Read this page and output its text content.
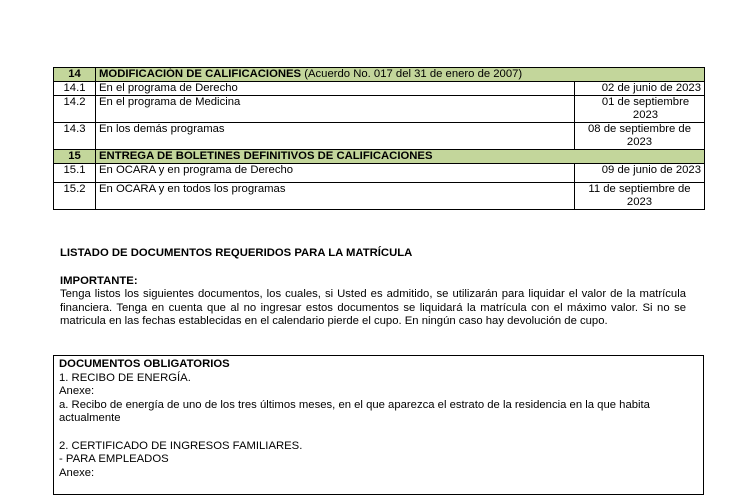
14	MODIFICACIÓN DE CALIFICACIONES (Acuerdo No. 017 del 31 de enero de 2007)	
14.1	En el programa de Derecho	02 de junio de 2023
14.2	En el programa de Medicina	01 de septiembre 2023
14.3	En los demás programas	08 de septiembre de 2023
15	ENTREGA DE BOLETINES DEFINITIVOS DE CALIFICACIONES	
15.1	En OCARA y en programa de Derecho	09 de junio de 2023
15.2	En OCARA y en todos los programas	11 de septiembre de 2023
LISTADO DE DOCUMENTOS REQUERIDOS PARA LA MATRÍCULA
IMPORTANTE:
Tenga listos los siguientes documentos, los cuales, si Usted es admitido, se utilizarán para liquidar el valor de la matrícula financiera. Tenga en cuenta que al no ingresar estos documentos se liquidará la matrícula con el máximo valor. Si no se matricula en las fechas establecidas en el calendario pierde el cupo. En ningún caso hay devolución de cupo.
DOCUMENTOS OBLIGATORIOS
1. RECIBO DE ENERGÍA.
Anexe:
a. Recibo de energía de uno de los tres últimos meses, en el que aparezca el estrato de la residencia en la que habita actualmente
2. CERTIFICADO DE INGRESOS FAMILIARES.
- PARA EMPLEADOS
Anexe:
